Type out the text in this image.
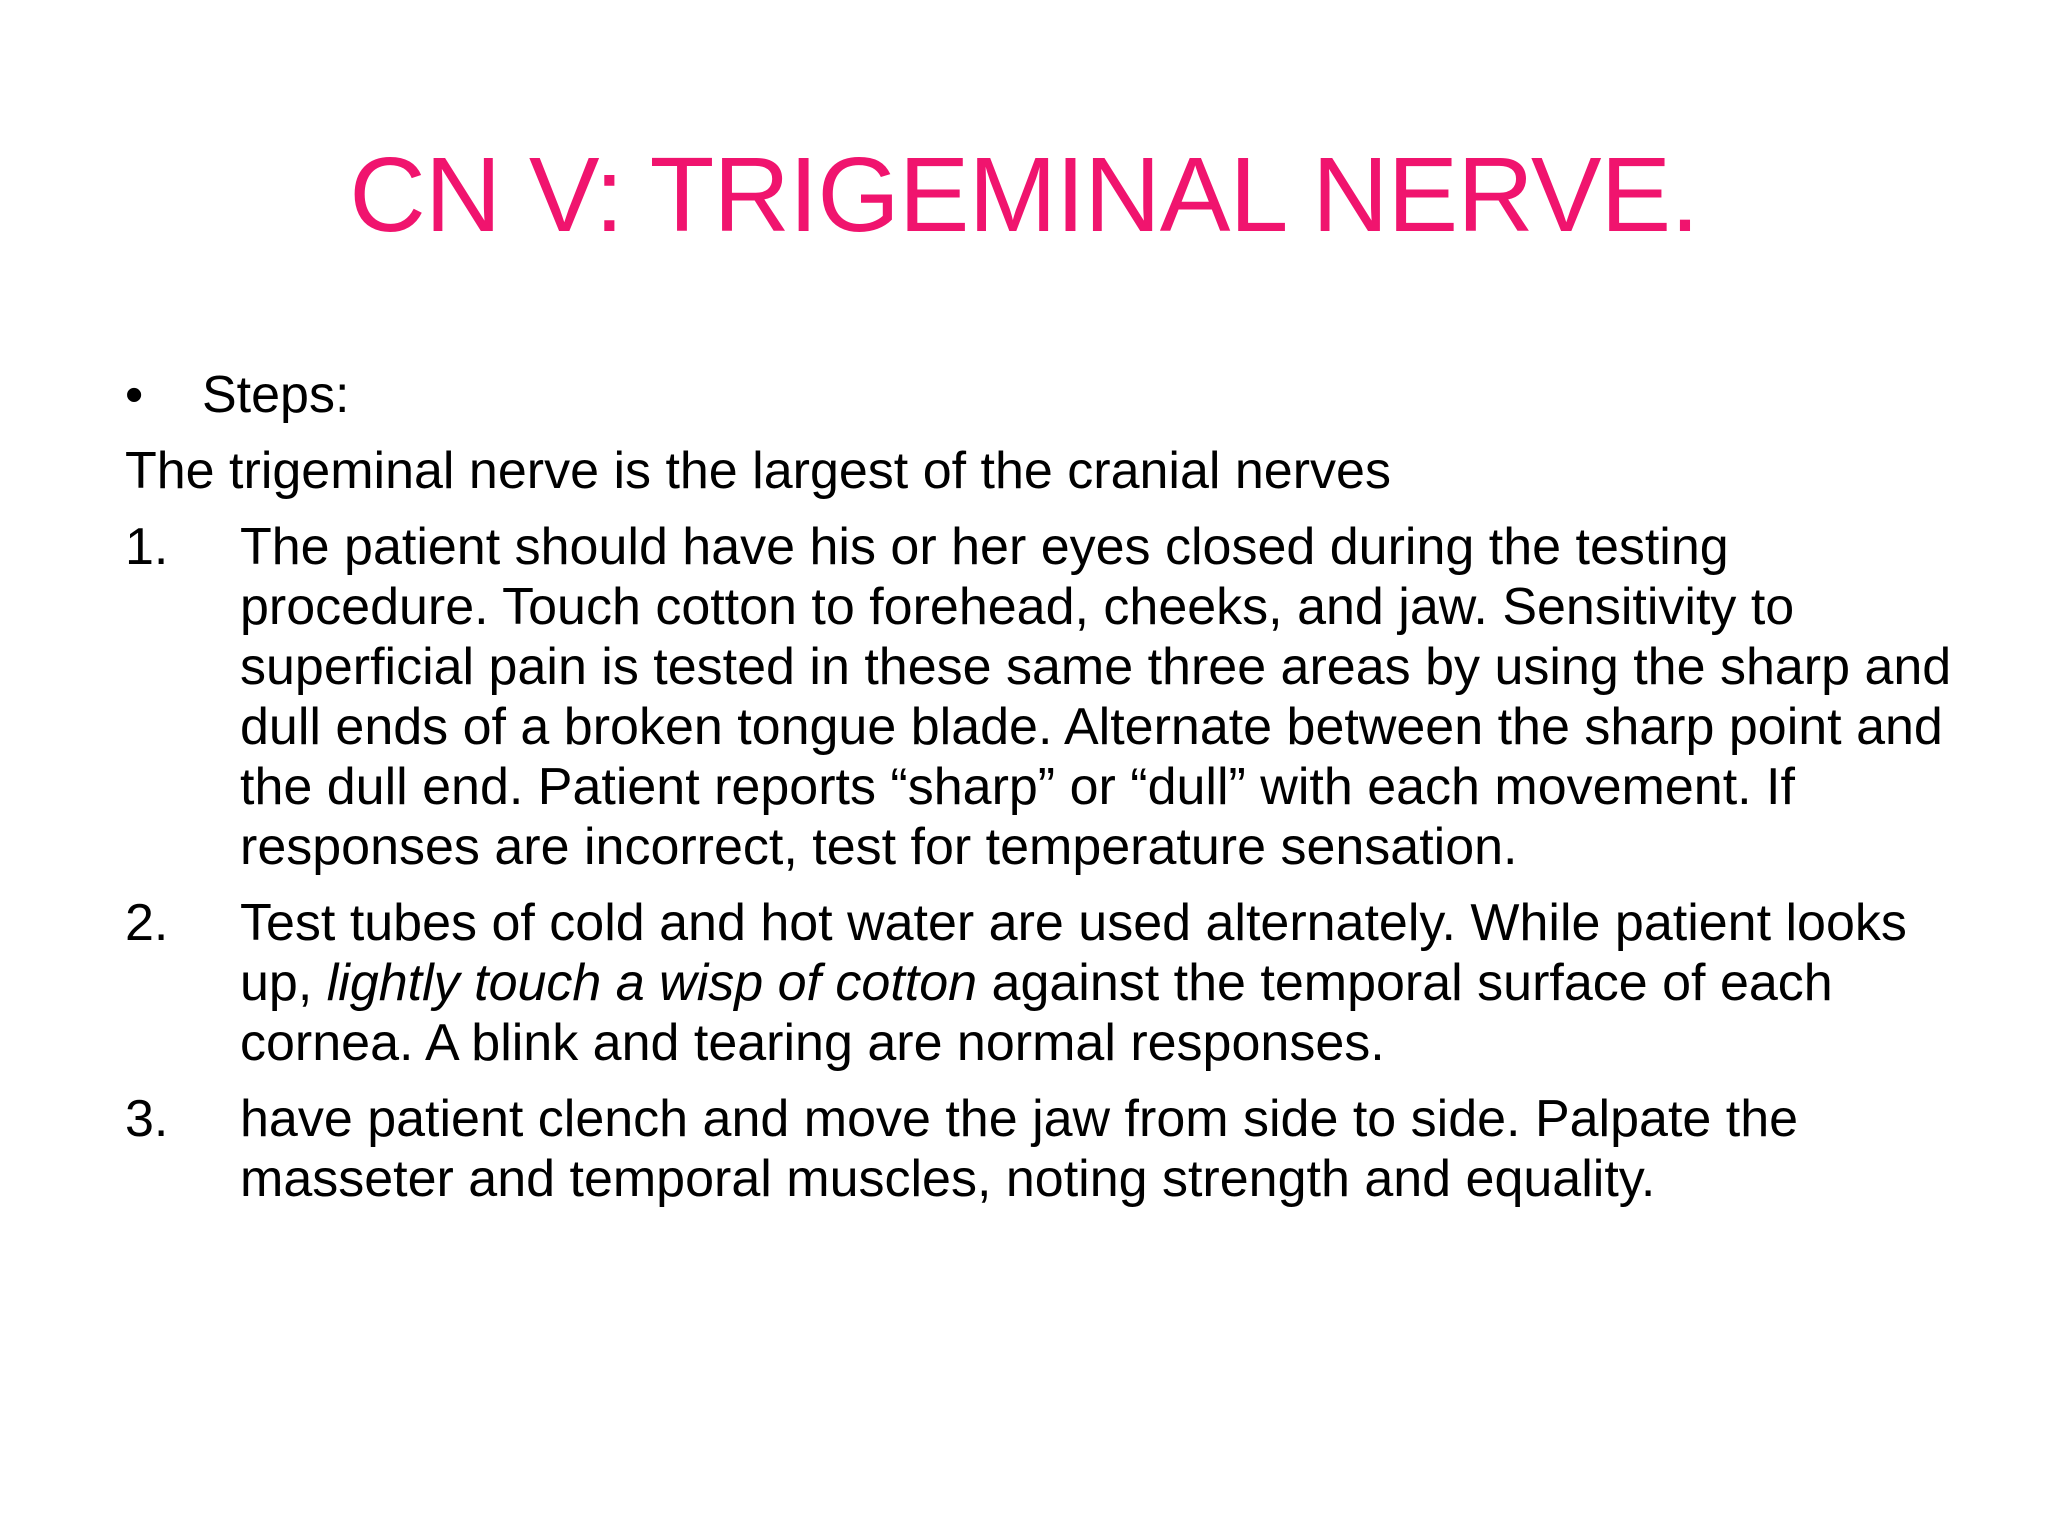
CN V: TRIGEMINAL NERVE.
•	Steps:
The trigeminal nerve is the largest of the cranial nerves
1.	The patient should have his or her eyes closed during the testing procedure. Touch cotton to forehead, cheeks, and jaw. Sensitivity to superficial pain is tested in these same three areas by using the sharp and dull ends of a broken tongue blade. Alternate between the sharp point and the dull end. Patient reports “sharp” or “dull” with each movement. If responses are incorrect, test for temperature sensation.
2.	Test tubes of cold and hot water are used alternately. While patient looks up, lightly touch a wisp of cotton against the temporal surface of each cornea. A blink and tearing are normal responses.
3.	have patient clench and move the jaw from side to side. Palpate the masseter and temporal muscles, noting strength and equality.
